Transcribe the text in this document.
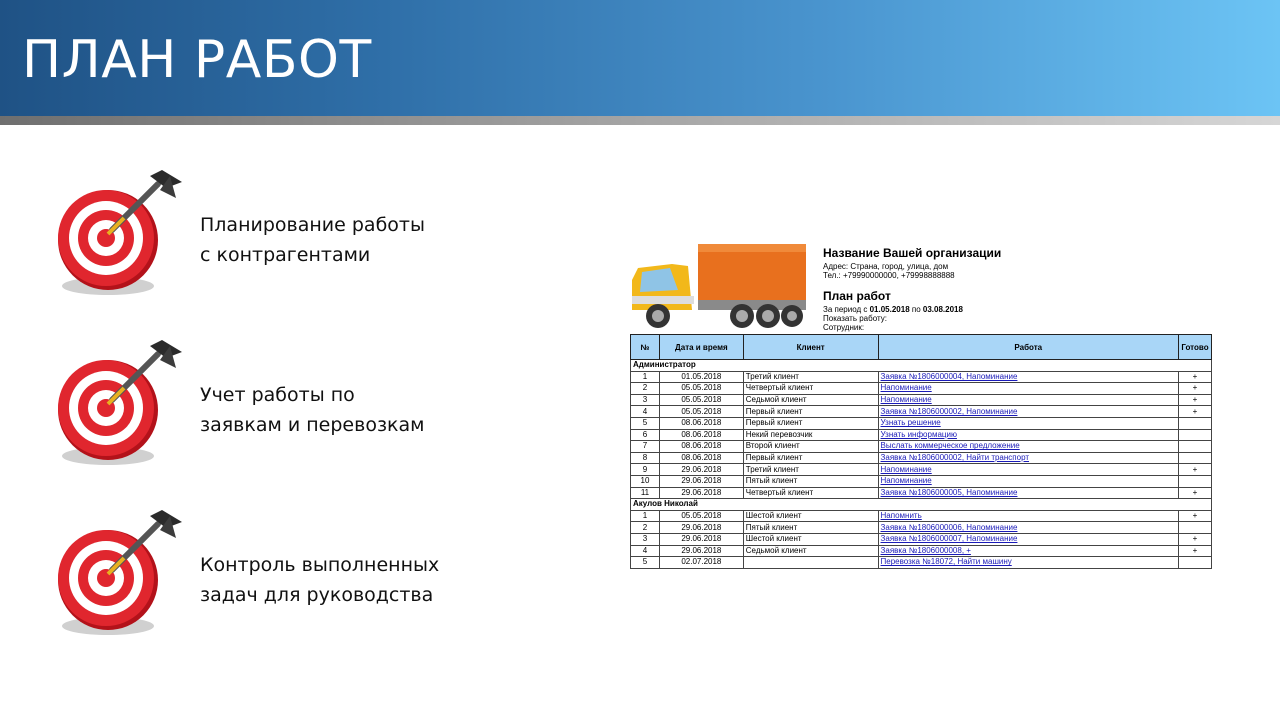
ПЛАН РАБОТ
Планирование работы
с контрагентами
Учет работы по
заявкам и перевозкам
Контроль выполненных
задач для руководства
Название Вашей организации
Адрес: Страна, город, улица, дом
Тел.: +79990000000, +79998888888
План работ
За период с 01.05.2018 по 03.08.2018
Показать работу:
Сотрудник:
№	Дата и время	Клиент	Работа	Готово
Администратор				
1	01.05.2018	Третий клиент	Заявка №1806000004, Напоминание	+
2	05.05.2018	Четвертый клиент	Напоминание	+
3	05.05.2018	Седьмой клиент	Напоминание	+
4	05.05.2018	Первый клиент	Заявка №1806000002, Напоминание	+
5	08.06.2018	Первый клиент	Узнать решение	
6	08.06.2018	Некий перевозчик	Узнать информацию	
7	08.06.2018	Второй клиент	Выслать коммерческое предложение	
8	08.06.2018	Первый клиент	Заявка №1806000002, Найти транспорт	
9	29.06.2018	Третий клиент	Напоминание	+
10	29.06.2018	Пятый клиент	Напоминание	
11	29.06.2018	Четвертый клиент	Заявка №1806000005, Напоминание	+
Акулов Николай				
1	05.05.2018	Шестой клиент	Напомнить	+
2	29.06.2018	Пятый клиент	Заявка №1806000006, Напоминание	
3	29.06.2018	Шестой клиент	Заявка №1806000007, Напоминание	+
4	29.06.2018	Седьмой клиент	Заявка №1806000008, +	+
5	02.07.2018		Перевозка №18072, Найти машину	
